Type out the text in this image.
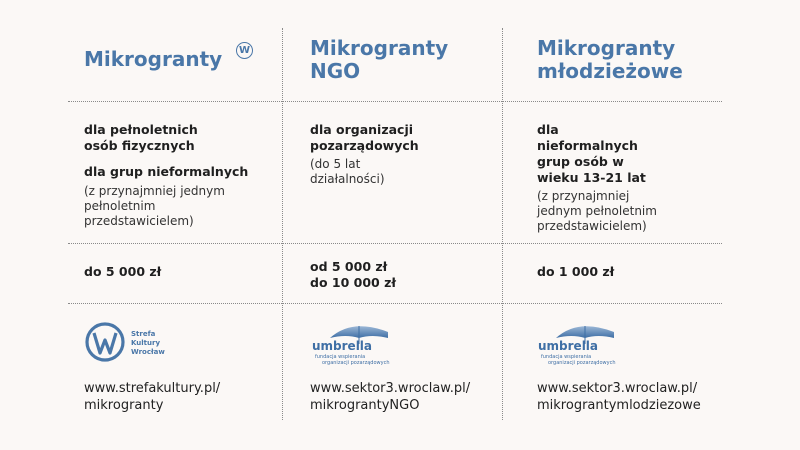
Mikrogranty	W
dla pełnoletnich osób fizycznych
dla grup nieformalnych
(z przynajmniej jednym pełnoletnim przedstawicielem)
do 5 000 zł
Strefa
Kultury
Wrocław
www.strefakultury.pl/
mikrogranty
Mikrogranty
NGO
dla organizacji pozarządowych
(do 5 lat działalności)
od 5 000 zł
do 10 000 zł
umbrella
fundacja wspierania
organizacji pozarządowych
www.sektor3.wroclaw.pl/
mikrograntyNGO
Mikrogranty
młodzieżowe
dla nieformalnych grup osób w wieku 13-21 lat
(z przynajmniej jednym pełnoletnim przedstawicielem)
do 1 000 zł
umbrella
fundacja wspierania
organizacji pozarządowych
www.sektor3.wroclaw.pl/
mikrograntymlodziezowe
